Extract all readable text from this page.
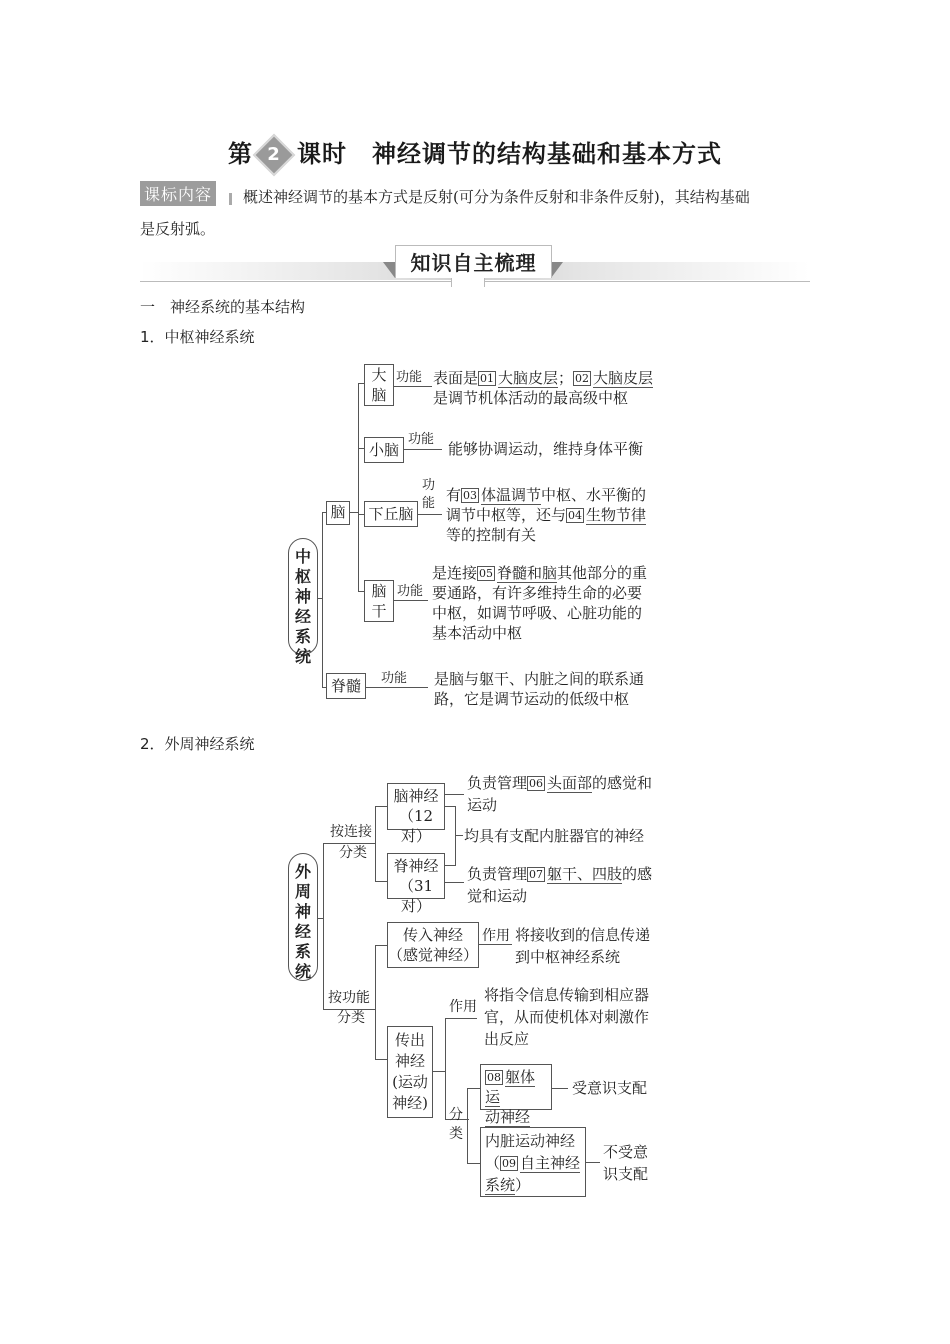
第 2 课时　神经调节的结构基础和基本方式
课标内容 概述神经调节的基本方式是反射(可分为条件反射和非条件反射)，其结构基础
是反射弧。
知识自主梳理
一　神经系统的基本结构
1．中枢神经系统
中枢神经系统
脑
脊髓
大脑
功能 表面是 01 大脑皮层； 02 大脑皮层
是调节机体活动的最高级中枢
小脑
功能
能够协调运动，维持身体平衡
下丘脑
功
能 有 03 体温调节中枢、水平衡的
调节中枢等，还与 04 生物节律
等的控制有关
脑
干
功能
是连接 05 脊髓和脑其他部分的重
要通路，有许多维持生命的必要
中枢，如调节呼吸、心脏功能的
基本活动中枢
功能 是脑与躯干、内脏之间的联系通
路，它是调节运动的低级中枢
2．外周神经系统
外周神经系统
按连接
分类
按功能
分类
脑神经
（12对）
脊神经
（31对）
负责管理 06 头面部的感觉和
运动
均具有支配内脏器官的神经
负责管理 07 躯干、四肢的感
觉和运动
传入神经
（感觉神经）
作用 将接收到的信息传递
到中枢神经系统
传出
神经
(运动
神经)
作用
将指令信息传输到相应器
官，从而使机体对刺激作
出反应
分
类
08 躯体运
动神经
受意识支配
内脏运动神经
（ 09 自主神经
系统）
不受意
识支配
